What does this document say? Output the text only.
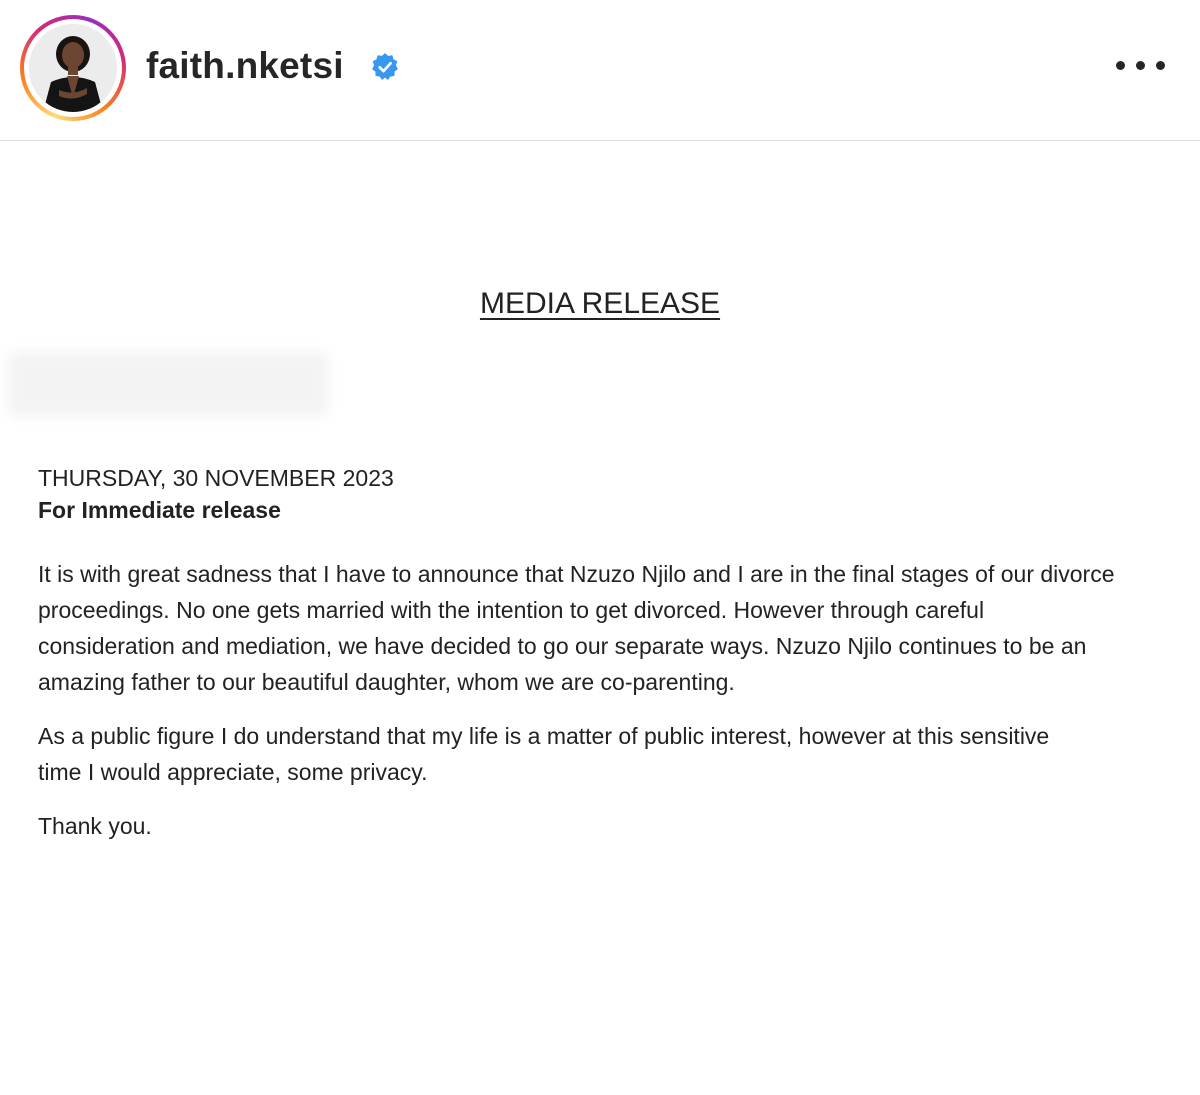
faith.nketsi
MEDIA RELEASE
THURSDAY, 30 NOVEMBER 2023
For Immediate release

It is with great sadness that I have to announce that Nzuzo Njilo and I are in the final stages of our divorce
proceedings. No one gets married with the intention to get divorced. However through careful
consideration and mediation, we have decided to go our separate ways. Nzuzo Njilo continues to be an
amazing father to our beautiful daughter, whom we are co-parenting.

As a public figure I do understand that my life is a matter of public interest, however at this sensitive
time I would appreciate, some privacy.

Thank you.
